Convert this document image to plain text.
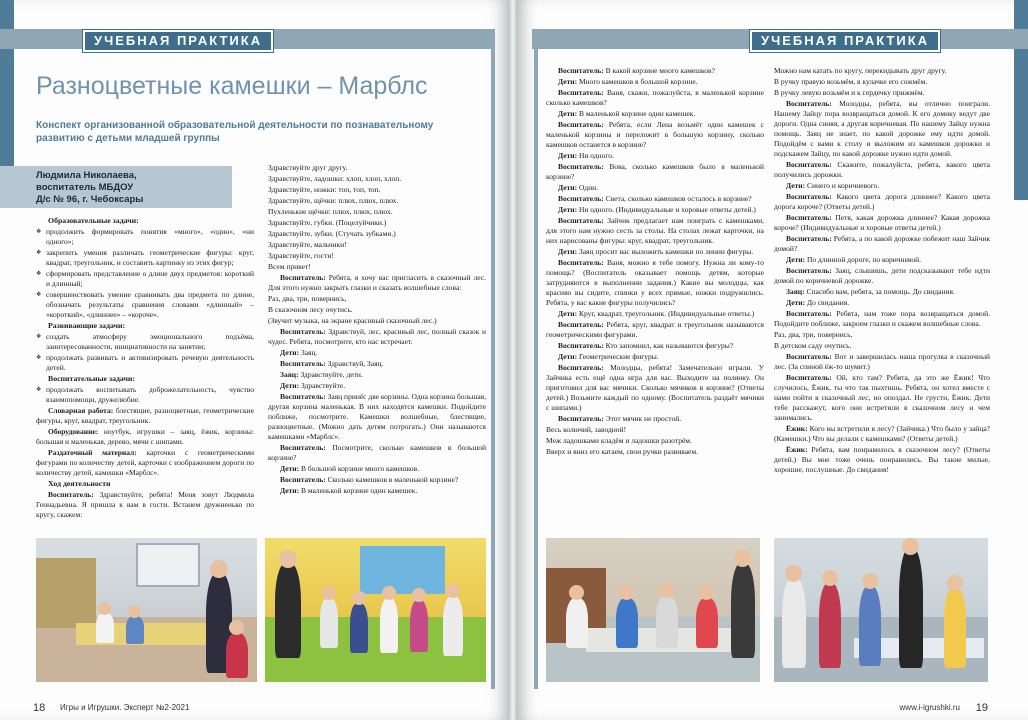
УЧЕБНАЯ ПРАКТИКА
Разноцветные камешки – Марблс
Конспект организованной образовательной деятельности по познавательному развитию с детьми младшей группы
Людмила Николаева,
воспитатель МБДОУ
Д/с № 96, г. Чебоксары
Образовательные задачи:
❖ продолжить формировать понятия «много», «один», «ни одного»;
❖ закрепить умения различать геометрические фигуры: круг, квадрат, треугольник, и составить картинку из этих фигур;
❖ сформировать представление о длине двух предметов: короткий и длинный;
❖ совершенствовать умение сравнивать два предмета по длине, обозначать результаты сравнения словами «длинный» – «короткий», «длиннее» – «короче».
Развивающие задачи:
❖ создать атмосферу эмоционального подъёма, заинтересованности, инициативности на занятии;
❖ продолжать развивать и активизировать речевую деятельность детей.
Воспитательные задачи:
❖ продолжать воспитывать доброжелательность, чувство взаимопомощи, дружелюбие.

Словарная работа: блестящие, разноцветные, геометрические фигуры, круг, квадрат, треугольник.

Оборудование: ноутбук, игрушки – заяц, ёжик, корзины: большая и маленькая, дерево, мячи с шипами.

Раздаточный материал: карточки с геометрическими фигурами по количеству детей, карточки с изображением дороги по количеству детей, камешки «Марблс».

Ход деятельности

Воспитатель: Здравствуйте, ребята! Меня зовут Людмила Геннадьевна. Я пришла к вам в гости. Встанем дружненько по кругу, скажем:

Здравствуйте друг другу.

Здравствуйте, ладошки: хлоп, хлоп, хлоп.

Здравствуйте, ножки: топ, топ, топ.

Здравствуйте, щёчки: плюх, плюх, плюх.

Пухленькие щёчки: плюх, плюх, плюх.

Здравствуйте, губки. (Поцелуйчики.)

Здравствуйте, зубки. (Стучать зубками.)

Здравствуйте, мальчики!

Здравствуйте, гости!

Всем привет!

Воспитатель: Ребята, я хочу вас пригласить в сказочный лес. Для этого нужно закрыть глазки и сказать волшебные слова:

Раз, два, три, повернись,

В сказочном лесу очутись.

(Звучит музыка, на экране красивый сказочный лес.)

Воспитатель: Здравствуй, лес, красивый лес, полный сказок и чудес. Ребята, посмотрите, кто нас встречает.

Дети: Заяц.

Воспитатель: Здравствуй, Заяц.

Заяц: Здравствуйте, дети.

Дети: Здравствуйте.

Воспитатель: Заяц принёс две корзины. Одна корзина большая, другая корзина маленькая. В них находятся камешки. Подойдите поближе, посмотрите. Камешки волшебные, блестящие, разноцветные. (Можно дать детям потрогать.) Они называются камешками «Марблс».

Воспитатель: Посмотрите, сколько камешков в большой корзине?

Дети: В большой корзине много камешков.

Воспитатель: Сколько камешков в маленькой корзине?

Дети: В маленькой корзине один камешек.

Игры и Игрушки. Эксперт №2-2021
18
УЧЕБНАЯ ПРАКТИКА

Воспитатель: В какой корзине много камешков?

Дети: Много камешков в большой корзине.

Воспитатель: Ваня, скажи, пожалуйста, в маленькой корзине сколько камешков?

Дети: В маленькой корзине один камешек.

Воспитатель: Ребята, если Лена возьмёт один камешек с маленькой корзины и переложит в большую корзину, сколько камешков останется в корзине?

Дети: Ни одного.

Воспитатель: Вова, сколько камешков было в маленькой корзине?

Дети: Один.

Воспитатель: Света, сколько камешков осталось в корзине?

Дети: Ни одного. (Индивидуальные и хоровые ответы детей.)

Воспитатель: Зайчик предлагает нам поиграть с камешками, для этого нам нужно сесть за столы. На столах лежат карточки, на них нарисованы фигуры: круг, квадрат, треугольник.

Дети: Заяц просит вас выложить камешки по линии фигуры.

Воспитатель: Ваня, можно я тебе помогу. Нужна ли кому-то помощь? (Воспитатель оказывает помощь детям, которые затрудняются в выполнении задания.) Какие вы молодцы, как красиво вы сидите, спинки у всех прямые, ножки подружились. Ребята, у вас какие фигуры получились?

Дети: Круг, квадрат, треугольник. (Индивидуальные ответы.)

Воспитатель: Ребята, круг, квадрат и треугольник называются геометрическими фигурами.

Воспитатель: Кто запомнил, как называются фигуры?

Дети: Геометрические фигуры.

Воспитатель: Молодцы, ребята! Замечательно играли. У Зайчика есть ещё одна игра для вас. Выходите на полянку. Он приготовил для вас мячики. Сколько мячиков в корзине? (Ответы детей.) Возьмите каждый по одному. (Воспитатель раздаёт мячики с шипами.)

Воспитатель: Этот мячик не простой.

Весь колючий, заводной!

Меж ладошками кладём и ладошки разотрём.

Вверх и вниз его катаем, свои ручки развиваем.

Можно нам катать по кругу, перекидывать друг другу.

В ручку правую возьмём, в кулачке его сожмём.

В ручку левую возьмём и к сердечку прижмём.

Воспитатель: Молодцы, ребята, вы отлично поиграли. Нашему Зайцу пора возвращаться домой. К его домику ведут две дороги. Одна синяя, а другая коричневая. По нашему Зайцу нужна помощь. Заяц не знает, по какой дорожке ему идти домой. Подойдём с вами к столу и выложим из камешков дорожки и подскажем Зайцу, по какой дорожке нужно идти домой.

Воспитатель: Скажите, пожалуйста, ребята, какого цвета получились дорожки.

Дети: Синего и коричневого.

Воспитатель: Какого цвета дорога длиннее? Какого цвета дорога короче? (Ответы детей.)

Воспитатель: Петя, какая дорожка длиннее? Какая дорожка короче? (Индивидуальные и хоровые ответы детей.)

Воспитатель: Ребята, а по какой дорожке побежит наш Зайчик домой?

Дети: По длинной дороге, по коричневой.

Воспитатель: Заяц, слышишь, дети подсказывают тебе идти домой по коричневой дорожке.

Заяц: Спасибо вам, ребята, за помощь. До свидания.

Дети: До свидания.

Воспитатель: Ребята, нам тоже пора возвращаться домой. Подойдите поближе, закроем глазки и скажем волшебные слова.

Раз, два, три, повернись,

В детском саду очутись.

Воспитатель: Вот и завершилась наша прогулка в сказочный лес. (За спиной ёж-то шумит.)

Воспитатель: Ой, кто там? Ребята, да это же Ёжик! Что случилось, Ёжик, ты что так пыхтишь. Ребята, он хотел вместе с нами пойти в сказочный лес, но опоздал. Не грусти, Ёжик. Дети тебе расскажут, кого они встретили в сказочном лесу и чем занимались.

Ёжик: Кого вы встретили в лесу? (Зайчика.) Что было у зайца? (Камешки.) Что вы делали с камешками? (Ответы детей.)

Ёжик: Ребята, вам понравилось в сказочном лесу? (Ответы детей.) Вы мне тоже очень понравились. Вы такие милые, хорошие, послушные. До свидания!

www.i-igrushki.ru 19
